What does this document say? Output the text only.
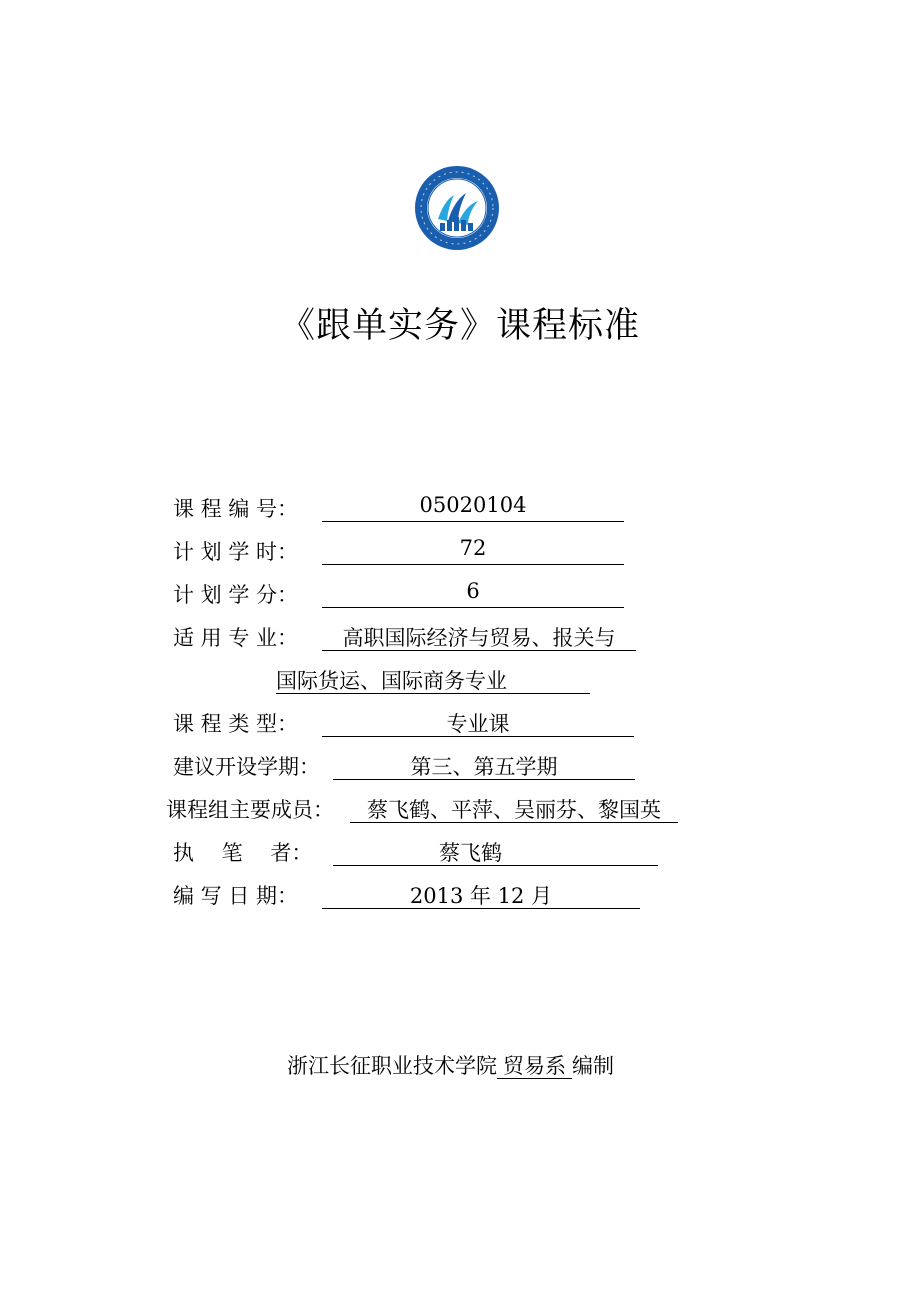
《跟单实务》课程标准
课 程 编 号：	05020104
计 划 学 时：	72
计 划 学 分：	6
适 用 专 业：	高职国际经济与贸易、报关与
国际货运、国际商务专业
课 程 类 型：	专业课
建议开设学期：	第三、第五学期
课程组主要成员：	蔡飞鹤、平萍、吴丽芬、黎国英
执　 笔　 者：	蔡飞鹤
编 写 日 期：	2013 年 12 月
浙江长征职业技术学院 贸易系 编制
